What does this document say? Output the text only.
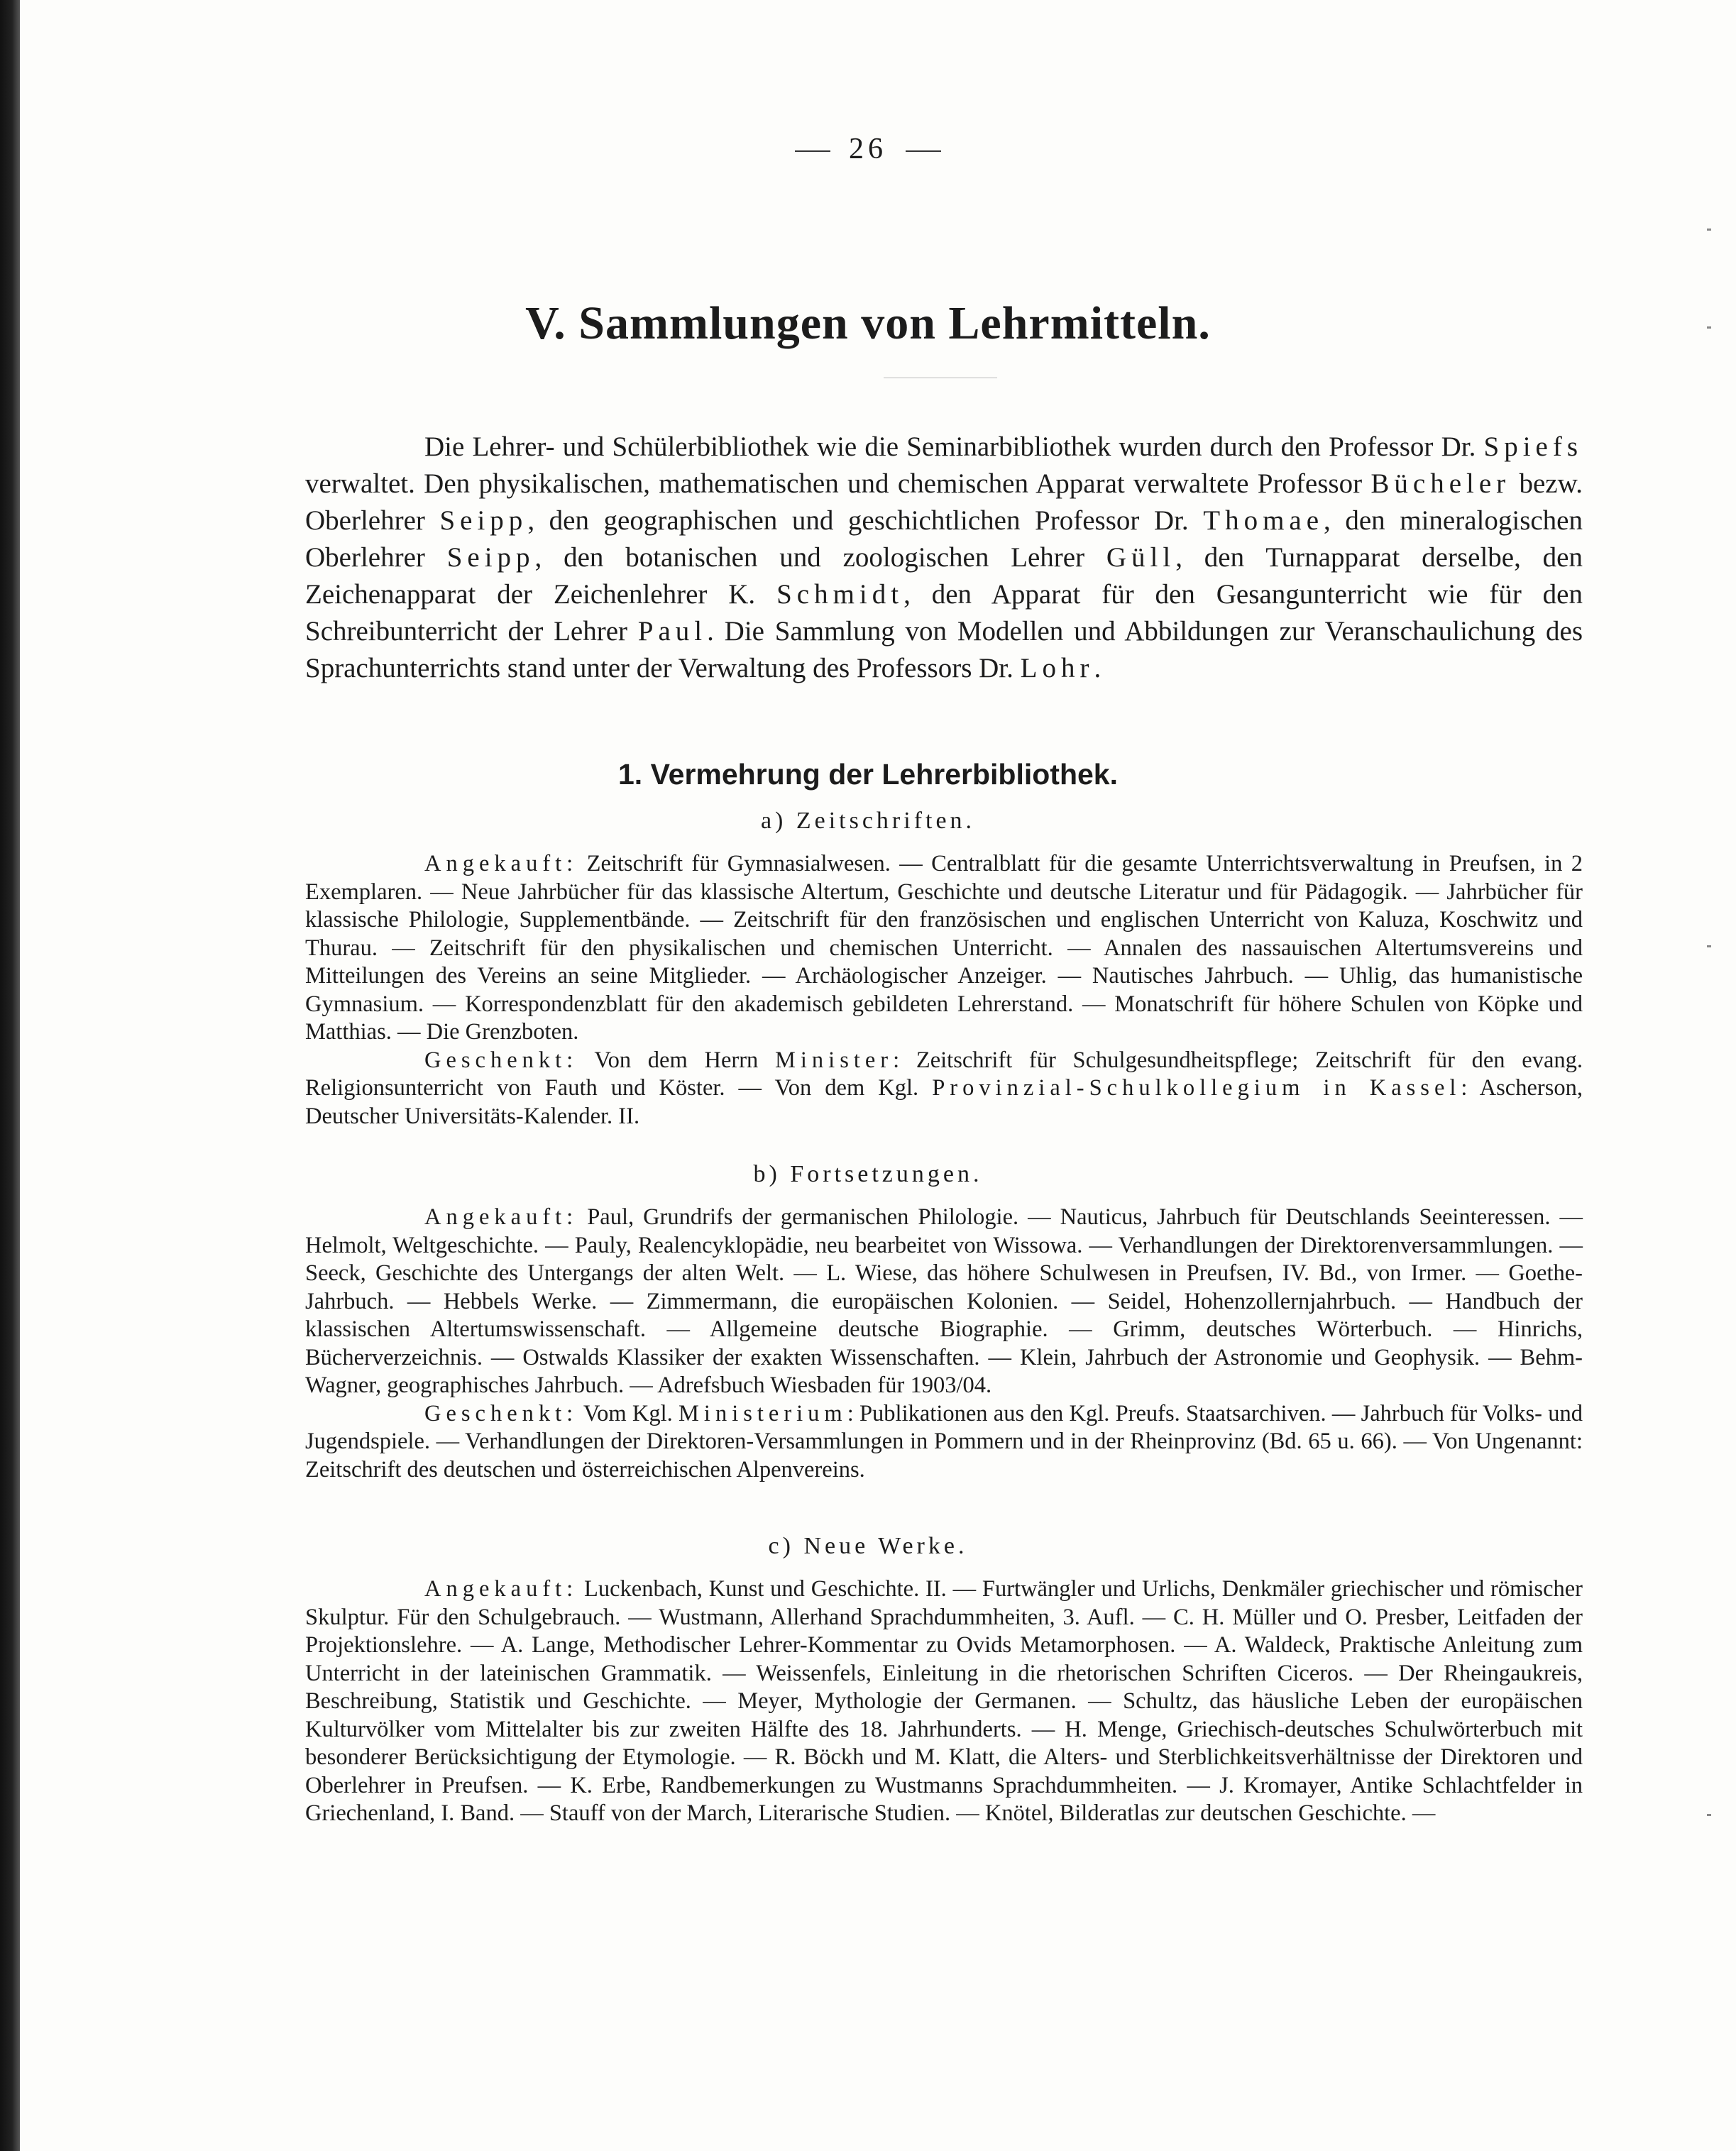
26
V. Sammlungen von Lehrmitteln.

Die Lehrer- und Schülerbibliothek wie die Seminarbibliothek wurden durch den Professor Dr. Spiefs verwaltet. Den physikalischen, mathematischen und chemischen Apparat verwaltete Professor Bücheler bezw. Oberlehrer Seipp, den geographischen und geschichtlichen Professor Dr. Thomae, den mineralogischen Oberlehrer Seipp, den botanischen und zoologischen Lehrer Güll, den Turnapparat derselbe, den Zeichenapparat der Zeichenlehrer K. Schmidt, den Apparat für den Gesangunterricht wie für den Schreibunterricht der Lehrer Paul. Die Sammlung von Modellen und Abbildungen zur Veranschaulichung des Sprachunterrichts stand unter der Verwaltung des Professors Dr. Lohr.

1. Vermehrung der Lehrerbibliothek.
a) Zeitschriften.

Angekauft: Zeitschrift für Gymnasialwesen. — Centralblatt für die gesamte Unterrichtsverwaltung in Preufsen, in 2 Exemplaren. — Neue Jahrbücher für das klassische Altertum, Geschichte und deutsche Literatur und für Pädagogik. — Jahrbücher für klassische Philologie, Supplementbände. — Zeitschrift für den französischen und englischen Unterricht von Kaluza, Koschwitz und Thurau. — Zeitschrift für den physikalischen und chemischen Unterricht. — Annalen des nassauischen Altertumsvereins und Mitteilungen des Vereins an seine Mitglieder. — Archäologischer Anzeiger. — Nautisches Jahrbuch. — Uhlig, das humanistische Gymnasium. — Korrespondenzblatt für den akademisch gebildeten Lehrerstand. — Monatschrift für höhere Schulen von Köpke und Matthias. — Die Grenzboten.

Geschenkt: Von dem Herrn Minister: Zeitschrift für Schulgesundheitspflege; Zeitschrift für den evang. Religionsunterricht von Fauth und Köster. — Von dem Kgl. Provinzial-Schulkollegium in Kassel: Ascherson, Deutscher Universitäts-Kalender. II.

b) Fortsetzungen.

Angekauft: Paul, Grundrifs der germanischen Philologie. — Nauticus, Jahrbuch für Deutschlands Seeinteressen. — Helmolt, Weltgeschichte. — Pauly, Realencyklopädie, neu bearbeitet von Wissowa. — Verhandlungen der Direktorenversammlungen. — Seeck, Geschichte des Untergangs der alten Welt. — L. Wiese, das höhere Schulwesen in Preufsen, IV. Bd., von Irmer. — Goethe-Jahrbuch. — Hebbels Werke. — Zimmermann, die europäischen Kolonien. — Seidel, Hohenzollernjahrbuch. — Handbuch der klassischen Altertumswissenschaft. — Allgemeine deutsche Biographie. — Grimm, deutsches Wörterbuch. — Hinrichs, Bücherverzeichnis. — Ostwalds Klassiker der exakten Wissenschaften. — Klein, Jahrbuch der Astronomie und Geophysik. — Behm-Wagner, geographisches Jahrbuch. — Adrefsbuch Wiesbaden für 1903/04.

Geschenkt: Vom Kgl. Ministerium: Publikationen aus den Kgl. Preufs. Staatsarchiven. — Jahrbuch für Volks- und Jugendspiele. — Verhandlungen der Direktoren-Versammlungen in Pommern und in der Rheinprovinz (Bd. 65 u. 66). — Von Ungenannt: Zeitschrift des deutschen und österreichischen Alpenvereins.

c) Neue Werke.

Angekauft: Luckenbach, Kunst und Geschichte. II. — Furtwängler und Urlichs, Denkmäler griechischer und römischer Skulptur. Für den Schulgebrauch. — Wustmann, Allerhand Sprachdummheiten, 3. Aufl. — C. H. Müller und O. Presber, Leitfaden der Projektionslehre. — A. Lange, Methodischer Lehrer-Kommentar zu Ovids Metamorphosen. — A. Waldeck, Praktische Anleitung zum Unterricht in der lateinischen Grammatik. — Weissenfels, Einleitung in die rhetorischen Schriften Ciceros. — Der Rheingaukreis, Beschreibung, Statistik und Geschichte. — Meyer, Mythologie der Germanen. — Schultz, das häusliche Leben der europäischen Kulturvölker vom Mittelalter bis zur zweiten Hälfte des 18. Jahrhunderts. — H. Menge, Griechisch-deutsches Schulwörterbuch mit besonderer Berücksichtigung der Etymologie. — R. Böckh und M. Klatt, die Alters- und Sterblichkeitsverhältnisse der Direktoren und Oberlehrer in Preufsen. — K. Erbe, Randbemerkungen zu Wustmanns Sprachdummheiten. — J. Kromayer, Antike Schlachtfelder in Griechenland, I. Band. — Stauff von der March, Literarische Studien. — Knötel, Bilderatlas zur deutschen Geschichte. —
